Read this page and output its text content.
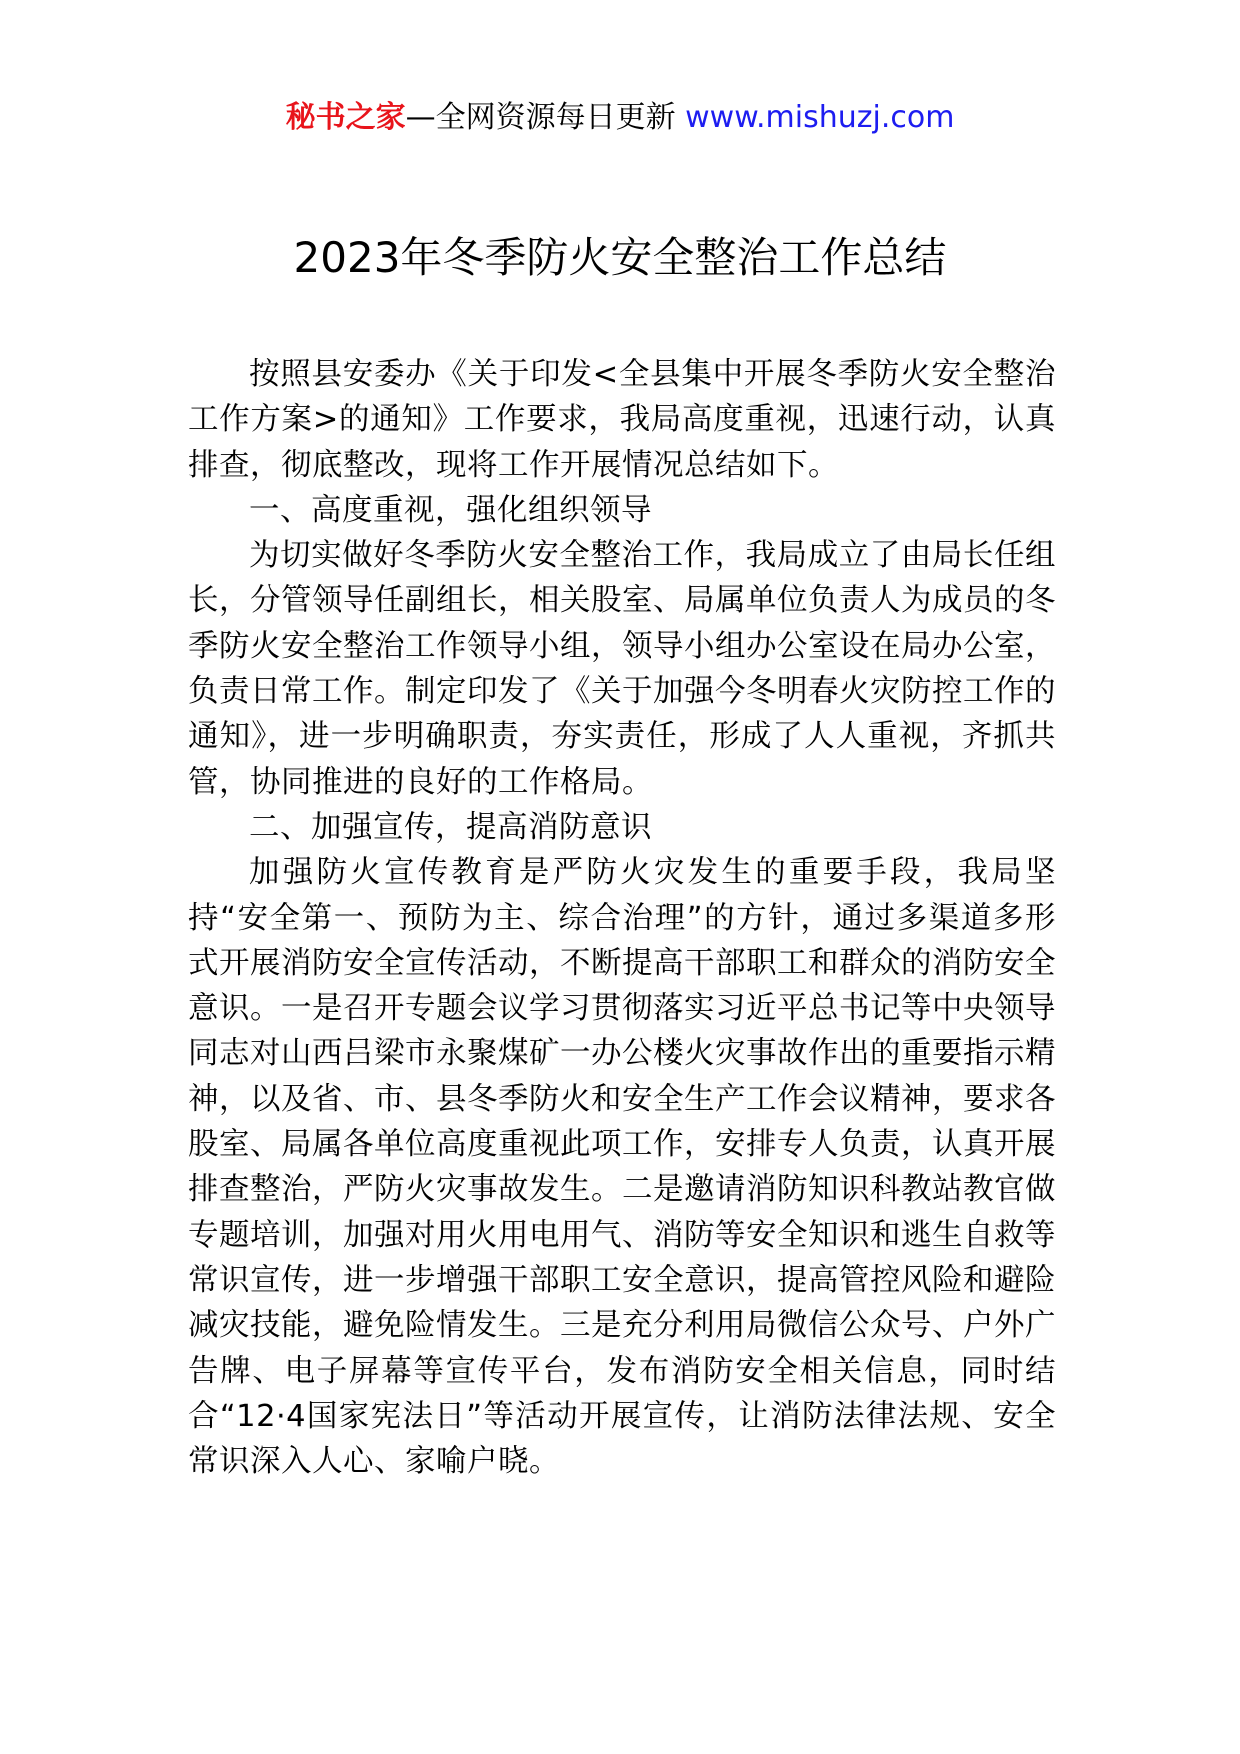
秘书之家—全网资源每日更新 www.mishuzj.com
2023年冬季防火安全整治工作总结

按照县安委办《关于印发<全县集中开展冬季防火安全整治工作方案>的通知》工作要求，我局高度重视，迅速行动，认真排查，彻底整改，现将工作开展情况总结如下。

一、高度重视，强化组织领导

为切实做好冬季防火安全整治工作，我局成立了由局长任组长，分管领导任副组长，相关股室、局属单位负责人为成员的冬季防火安全整治工作领导小组，领导小组办公室设在局办公室，负责日常工作。制定印发了《关于加强今冬明春火灾防控工作的通知》，进一步明确职责，夯实责任，形成了人人重视，齐抓共管，协同推进的良好的工作格局。

二、加强宣传，提高消防意识

加强防火宣传教育是严防火灾发生的重要手段，我局坚持“安全第一、预防为主、综合治理”的方针，通过多渠道多形式开展消防安全宣传活动，不断提高干部职工和群众的消防安全意识。一是召开专题会议学习贯彻落实习近平总书记等中央领导同志对山西吕梁市永聚煤矿一办公楼火灾事故作出的重要指示精神，以及省、市、县冬季防火和安全生产工作会议精神，要求各股室、局属各单位高度重视此项工作，安排专人负责，认真开展排查整治，严防火灾事故发生。二是邀请消防知识科教站教官做专题培训，加强对用火用电用气、消防等安全知识和逃生自救等常识宣传，进一步增强干部职工安全意识，提高管控风险和避险减灾技能，避免险情发生。三是充分利用局微信公众号、户外广告牌、电子屏幕等宣传平台，发布消防安全相关信息，同时结合“12·4国家宪法日”等活动开展宣传，让消防法律法规、安全常识深入人心、家喻户晓。
